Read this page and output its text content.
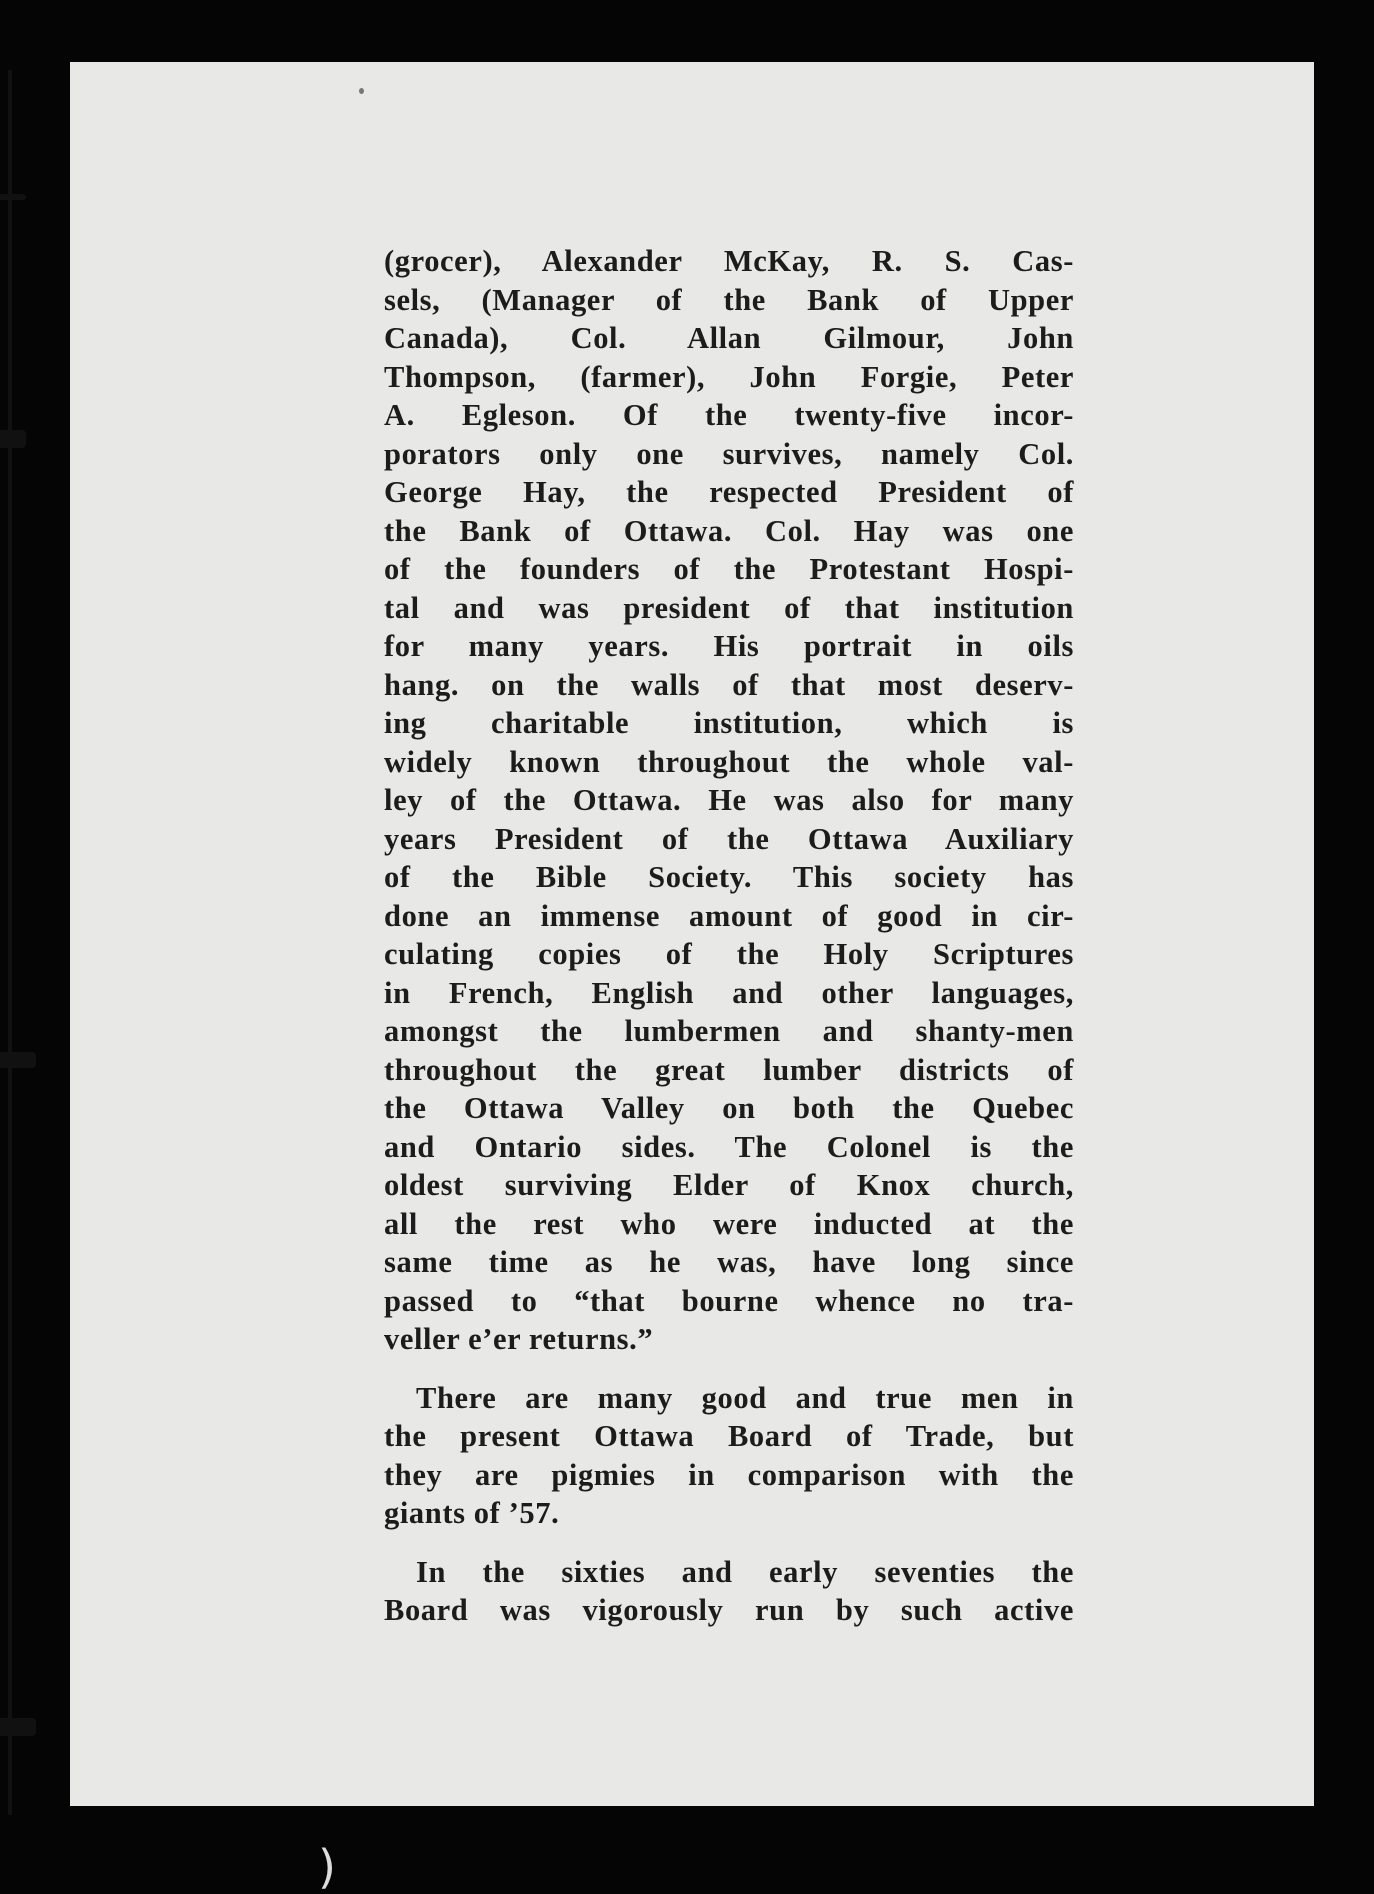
(grocer), Alexander McKay, R. S. Cas-
sels, (Manager of the Bank of Upper
Canada), Col. Allan Gilmour, John
Thompson, (farmer), John Forgie, Peter
A. Egleson. Of the twenty-five incor-
porators only one survives, namely Col.
George Hay, the respected President of
the Bank of Ottawa. Col. Hay was one
of the founders of the Protestant Hospi-
tal and was president of that institution
for many years. His portrait in oils
hang. on the walls of that most deserv-
ing charitable institution, which is
widely known throughout the whole val-
ley of the Ottawa. He was also for many
years President of the Ottawa Auxiliary
of the Bible Society. This society has
done an immense amount of good in cir-
culating copies of the Holy Scriptures
in French, English and other languages,
amongst the lumbermen and shanty-men
throughout the great lumber districts of
the Ottawa Valley on both the Quebec
and Ontario sides. The Colonel is the
oldest surviving Elder of Knox church,
all the rest who were inducted at the
same time as he was, have long since
passed to “that bourne whence no tra-
veller e’er returns.”
There are many good and true men in
the present Ottawa Board of Trade, but
they are pigmies in comparison with the
giants of ’57.
In the sixties and early seventies the
Board was vigorously run by such active
)
